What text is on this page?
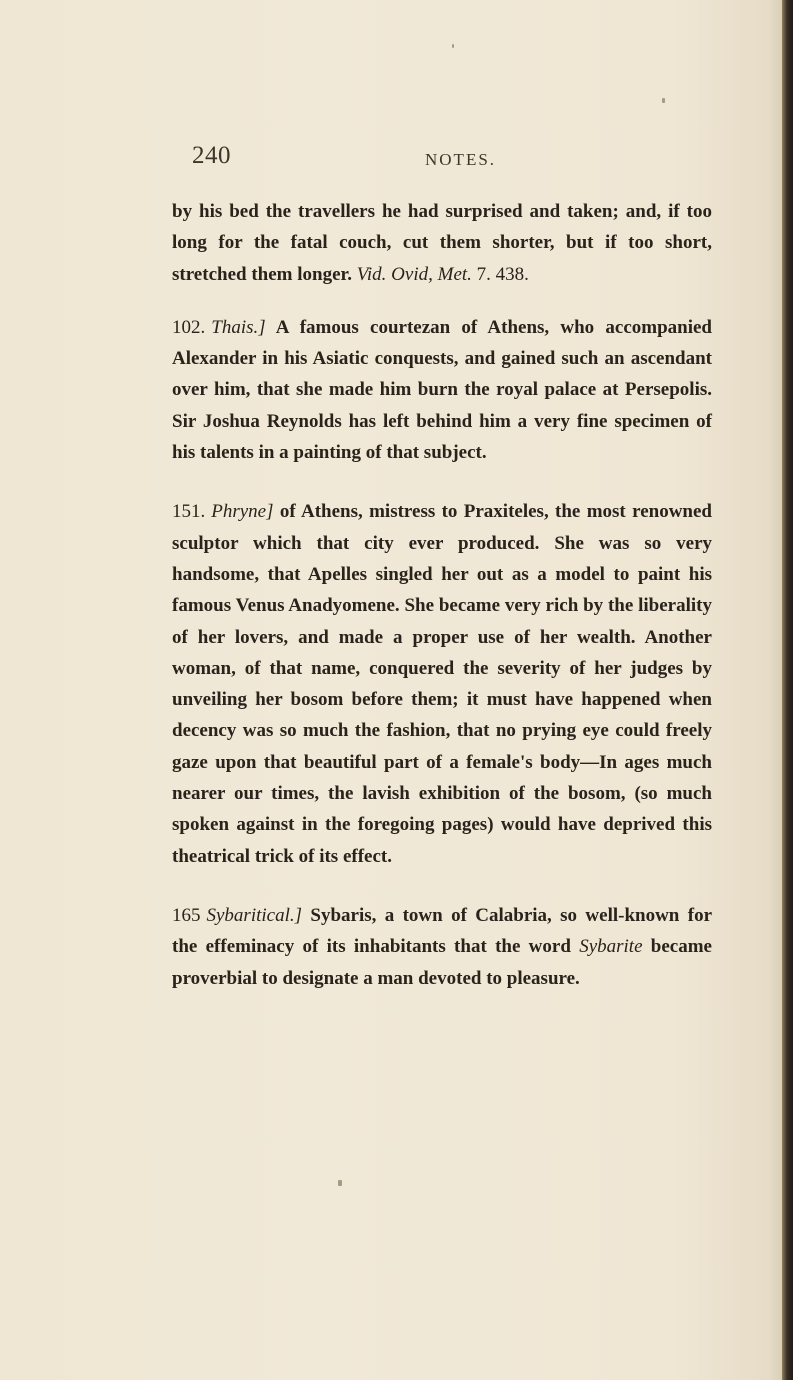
240	NOTES.

by his bed the travellers he had surprised and taken; and, if too long for the fatal couch, cut them shorter, but if too short, stretched them longer. Vid. Ovid, Met. 7. 438.

102. Thais.] A famous courtezan of Athens, who accompanied Alexander in his Asiatic conquests, and gained such an ascendant over him, that she made him burn the royal palace at Persepolis. Sir Joshua Reynolds has left behind him a very fine specimen of his talents in a painting of that subject.

151. Phryne] of Athens, mistress to Praxiteles, the most renowned sculptor which that city ever produced. She was so very handsome, that Apelles singled her out as a model to paint his famous Venus Anadyomene. She became very rich by the liberality of her lovers, and made a proper use of her wealth. Another woman, of that name, conquered the severity of her judges by unveiling her bosom before them; it must have happened when decency was so much the fashion, that no prying eye could freely gaze upon that beautiful part of a female's body—In ages much nearer our times, the lavish exhibition of the bosom, (so much spoken against in the foregoing pages) would have deprived this theatrical trick of its effect.

165 Sybaritical.] Sybaris, a town of Calabria, so well-known for the effeminacy of its inhabitants that the word Sybarite became proverbial to designate a man devoted to pleasure.
